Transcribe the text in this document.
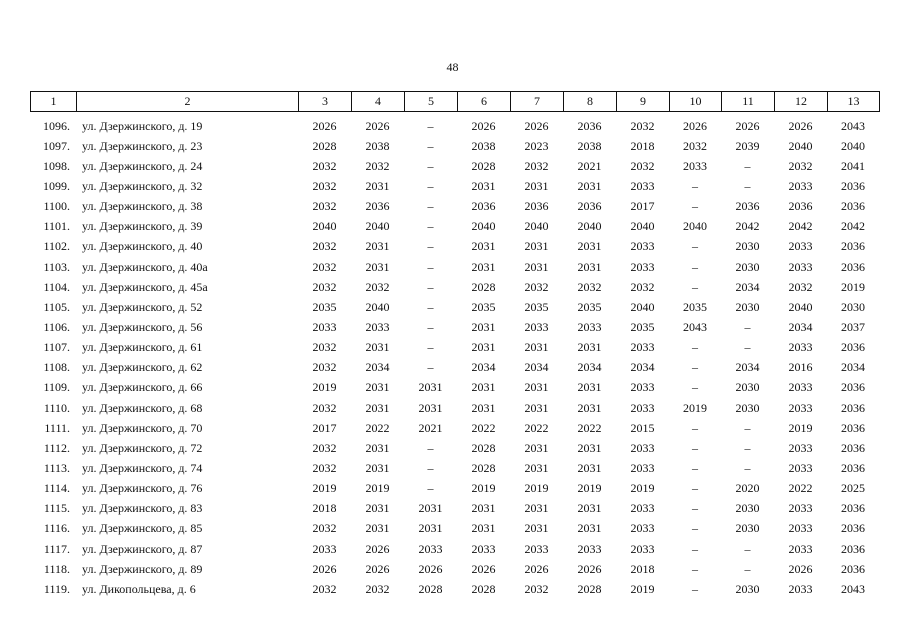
48
1	2	3	4	5	6	7	8	9	10	11	12	13
1096.	ул. Дзержинского, д. 19	2026	2026	–	2026	2026	2036	2032	2026	2026	2026	2043
1097.	ул. Дзержинского, д. 23	2028	2038	–	2038	2023	2038	2018	2032	2039	2040	2040
1098.	ул. Дзержинского, д. 24	2032	2032	–	2028	2032	2021	2032	2033	–	2032	2041
1099.	ул. Дзержинского, д. 32	2032	2031	–	2031	2031	2031	2033	–	–	2033	2036
1100.	ул. Дзержинского, д. 38	2032	2036	–	2036	2036	2036	2017	–	2036	2036	2036
1101.	ул. Дзержинского, д. 39	2040	2040	–	2040	2040	2040	2040	2040	2042	2042	2042
1102.	ул. Дзержинского, д. 40	2032	2031	–	2031	2031	2031	2033	–	2030	2033	2036
1103.	ул. Дзержинского, д. 40а	2032	2031	–	2031	2031	2031	2033	–	2030	2033	2036
1104.	ул. Дзержинского, д. 45а	2032	2032	–	2028	2032	2032	2032	–	2034	2032	2019
1105.	ул. Дзержинского, д. 52	2035	2040	–	2035	2035	2035	2040	2035	2030	2040	2030
1106.	ул. Дзержинского, д. 56	2033	2033	–	2031	2033	2033	2035	2043	–	2034	2037
1107.	ул. Дзержинского, д. 61	2032	2031	–	2031	2031	2031	2033	–	–	2033	2036
1108.	ул. Дзержинского, д. 62	2032	2034	–	2034	2034	2034	2034	–	2034	2016	2034
1109.	ул. Дзержинского, д. 66	2019	2031	2031	2031	2031	2031	2033	–	2030	2033	2036
1110.	ул. Дзержинского, д. 68	2032	2031	2031	2031	2031	2031	2033	2019	2030	2033	2036
1111.	ул. Дзержинского, д. 70	2017	2022	2021	2022	2022	2022	2015	–	–	2019	2036
1112.	ул. Дзержинского, д. 72	2032	2031	–	2028	2031	2031	2033	–	–	2033	2036
1113.	ул. Дзержинского, д. 74	2032	2031	–	2028	2031	2031	2033	–	–	2033	2036
1114.	ул. Дзержинского, д. 76	2019	2019	–	2019	2019	2019	2019	–	2020	2022	2025
1115.	ул. Дзержинского, д. 83	2018	2031	2031	2031	2031	2031	2033	–	2030	2033	2036
1116.	ул. Дзержинского, д. 85	2032	2031	2031	2031	2031	2031	2033	–	2030	2033	2036
1117.	ул. Дзержинского, д. 87	2033	2026	2033	2033	2033	2033	2033	–	–	2033	2036
1118.	ул. Дзержинского, д. 89	2026	2026	2026	2026	2026	2026	2018	–	–	2026	2036
1119.	ул. Дикопольцева, д. 6	2032	2032	2028	2028	2032	2028	2019	–	2030	2033	2043
